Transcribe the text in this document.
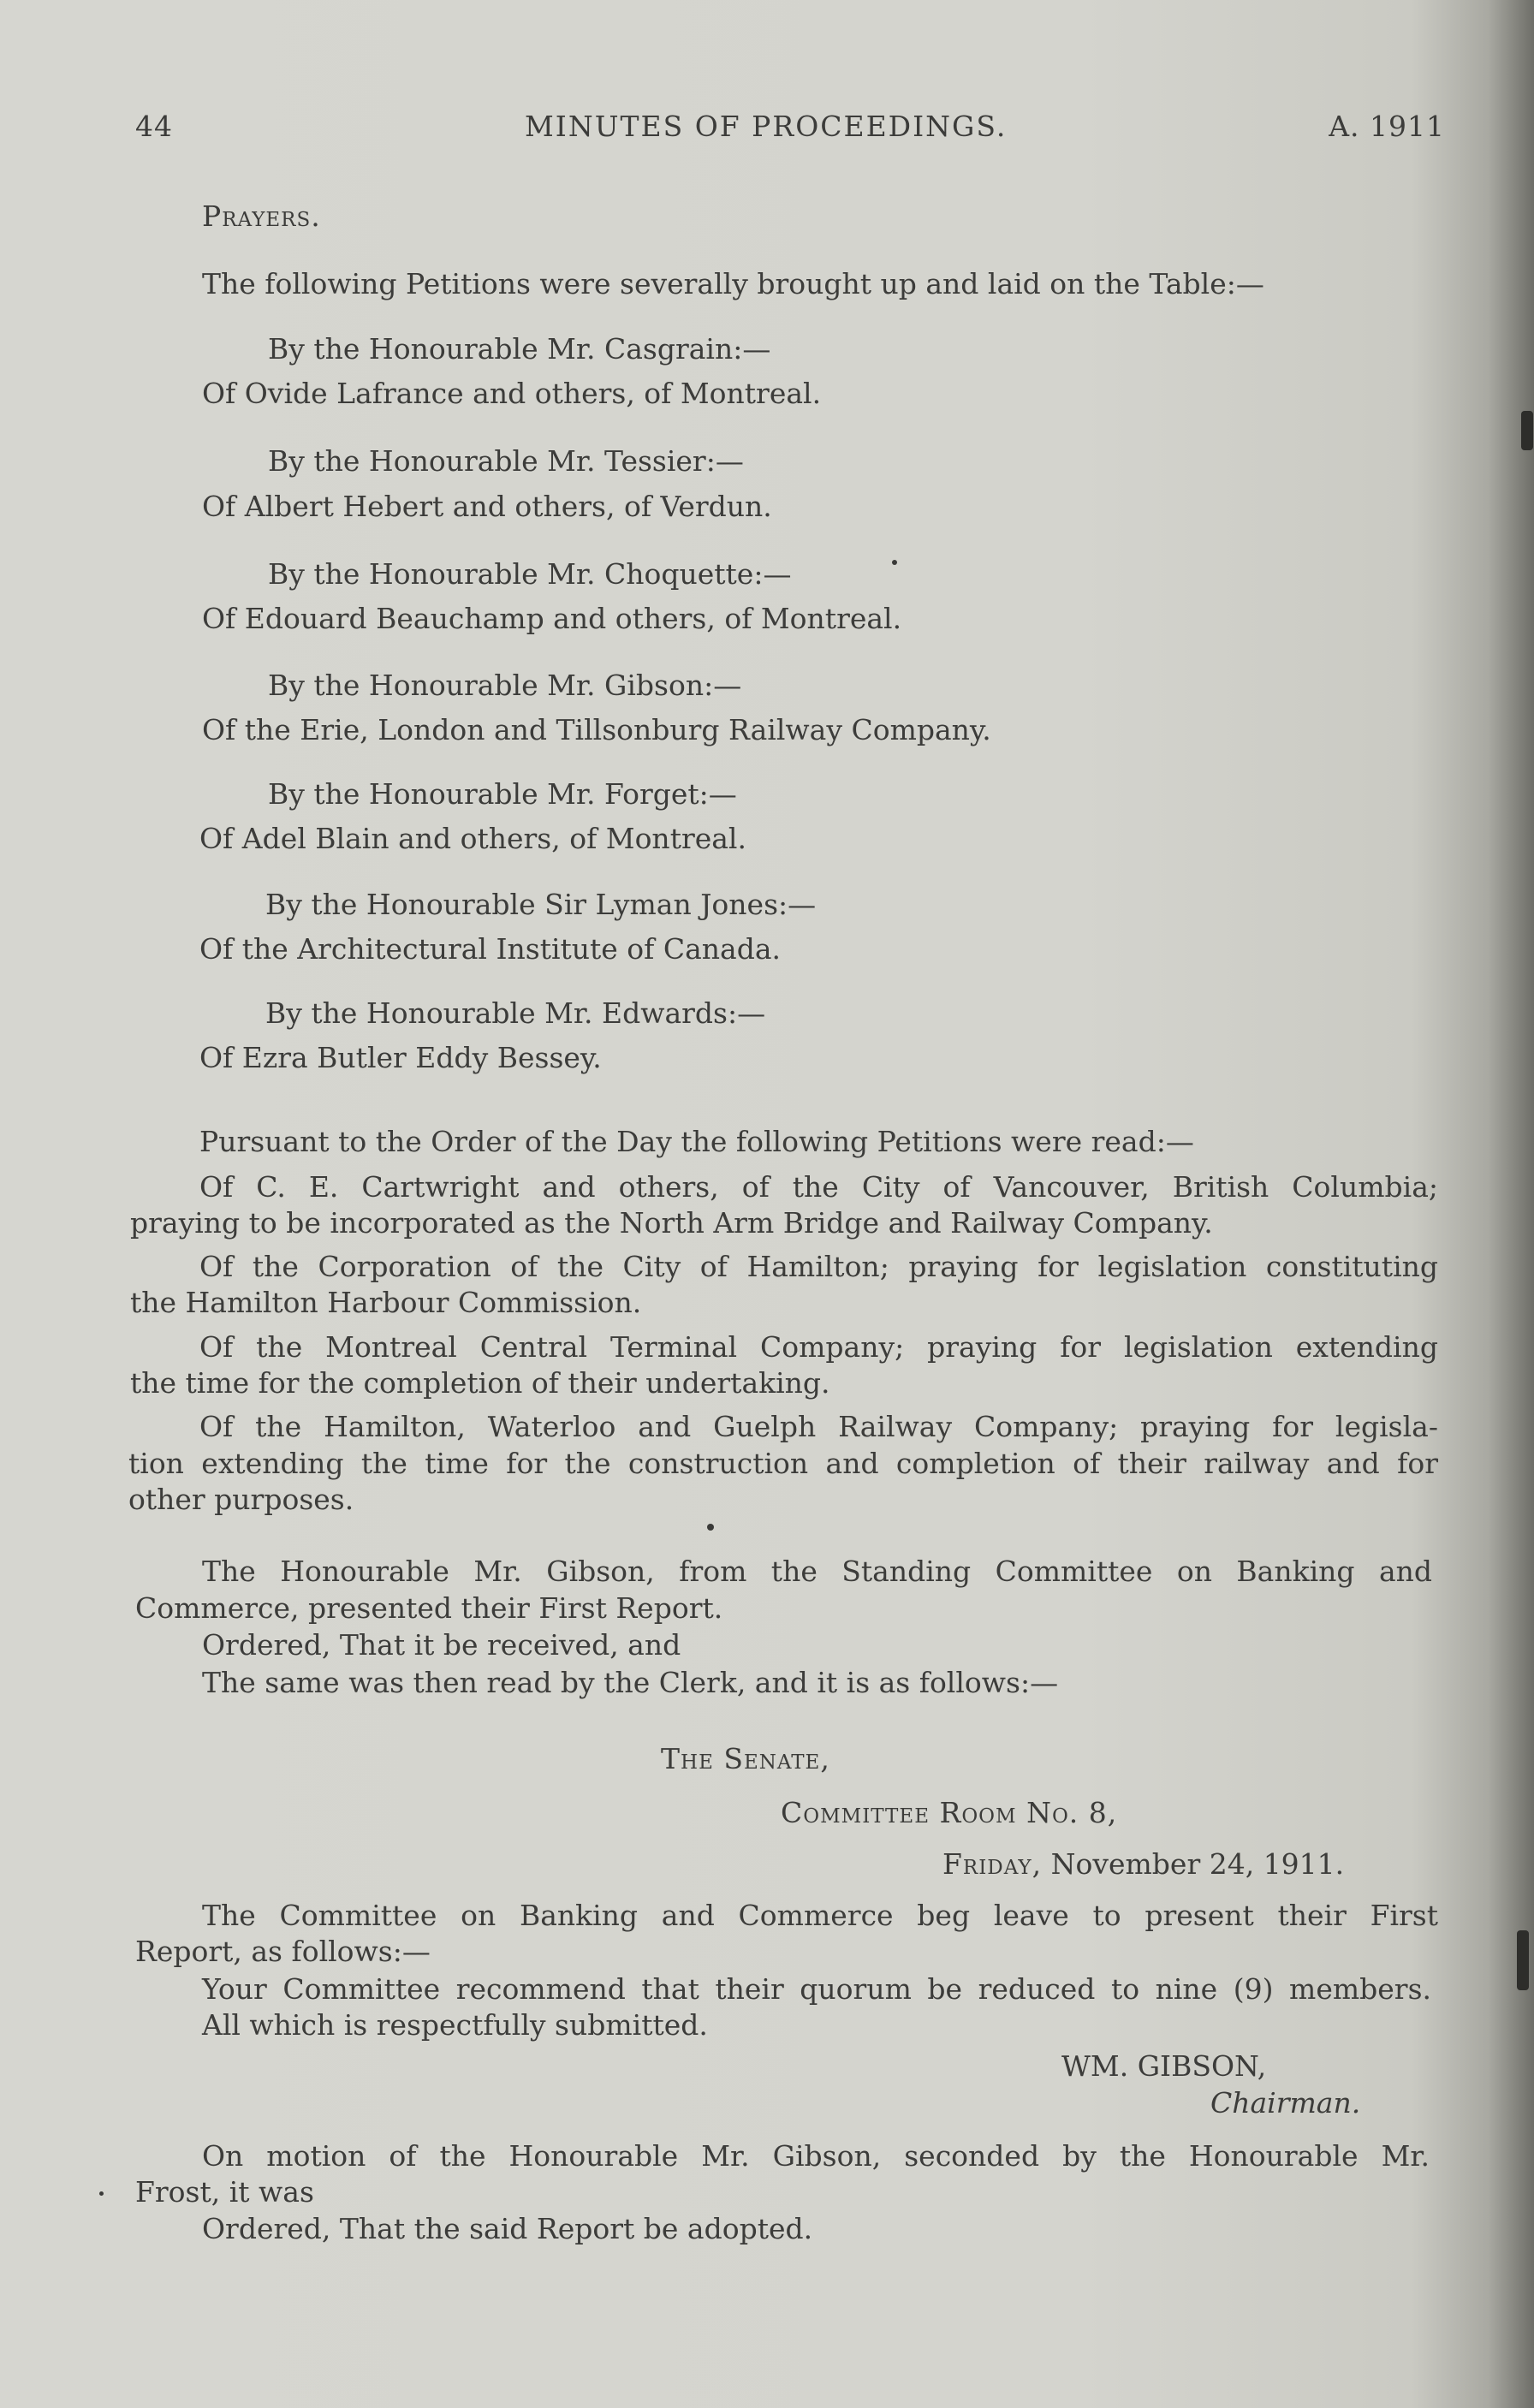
44	MINUTES OF PROCEEDINGS.	A. 1911
Prayers.
The following Petitions were severally brought up and laid on the Table:—
By the Honourable Mr. Casgrain:—
Of Ovide Lafrance and others, of Montreal.
By the Honourable Mr. Tessier:—
Of Albert Hebert and others, of Verdun.
By the Honourable Mr. Choquette:—
Of Edouard Beauchamp and others, of Montreal.
By the Honourable Mr. Gibson:—
Of the Erie, London and Tillsonburg Railway Company.
By the Honourable Mr. Forget:—
Of Adel Blain and others, of Montreal.
By the Honourable Sir Lyman Jones:—
Of the Architectural Institute of Canada.
By the Honourable Mr. Edwards:—
Of Ezra Butler Eddy Bessey.
Pursuant to the Order of the Day the following Petitions were read:—
Of C. E. Cartwright and others, of the City of Vancouver, British Columbia;
praying to be incorporated as the North Arm Bridge and Railway Company.
Of the Corporation of the City of Hamilton; praying for legislation constituting
the Hamilton Harbour Commission.
Of the Montreal Central Terminal Company; praying for legislation extending
the time for the completion of their undertaking.
Of the Hamilton, Waterloo and Guelph Railway Company; praying for legisla-
tion extending the time for the construction and completion of their railway and for
other purposes.
The Honourable Mr. Gibson, from the Standing Committee on Banking and
Commerce, presented their First Report.
Ordered, That it be received, and
The same was then read by the Clerk, and it is as follows:—
The Senate,
Committee Room No. 8,
Friday, November 24, 1911.
The Committee on Banking and Commerce beg leave to present their First
Report, as follows:—
Your Committee recommend that their quorum be reduced to nine (9) members.
All which is respectfully submitted.
WM. GIBSON,
Chairman.
On motion of the Honourable Mr. Gibson, seconded by the Honourable Mr.
Frost, it was
Ordered, That the said Report be adopted.
